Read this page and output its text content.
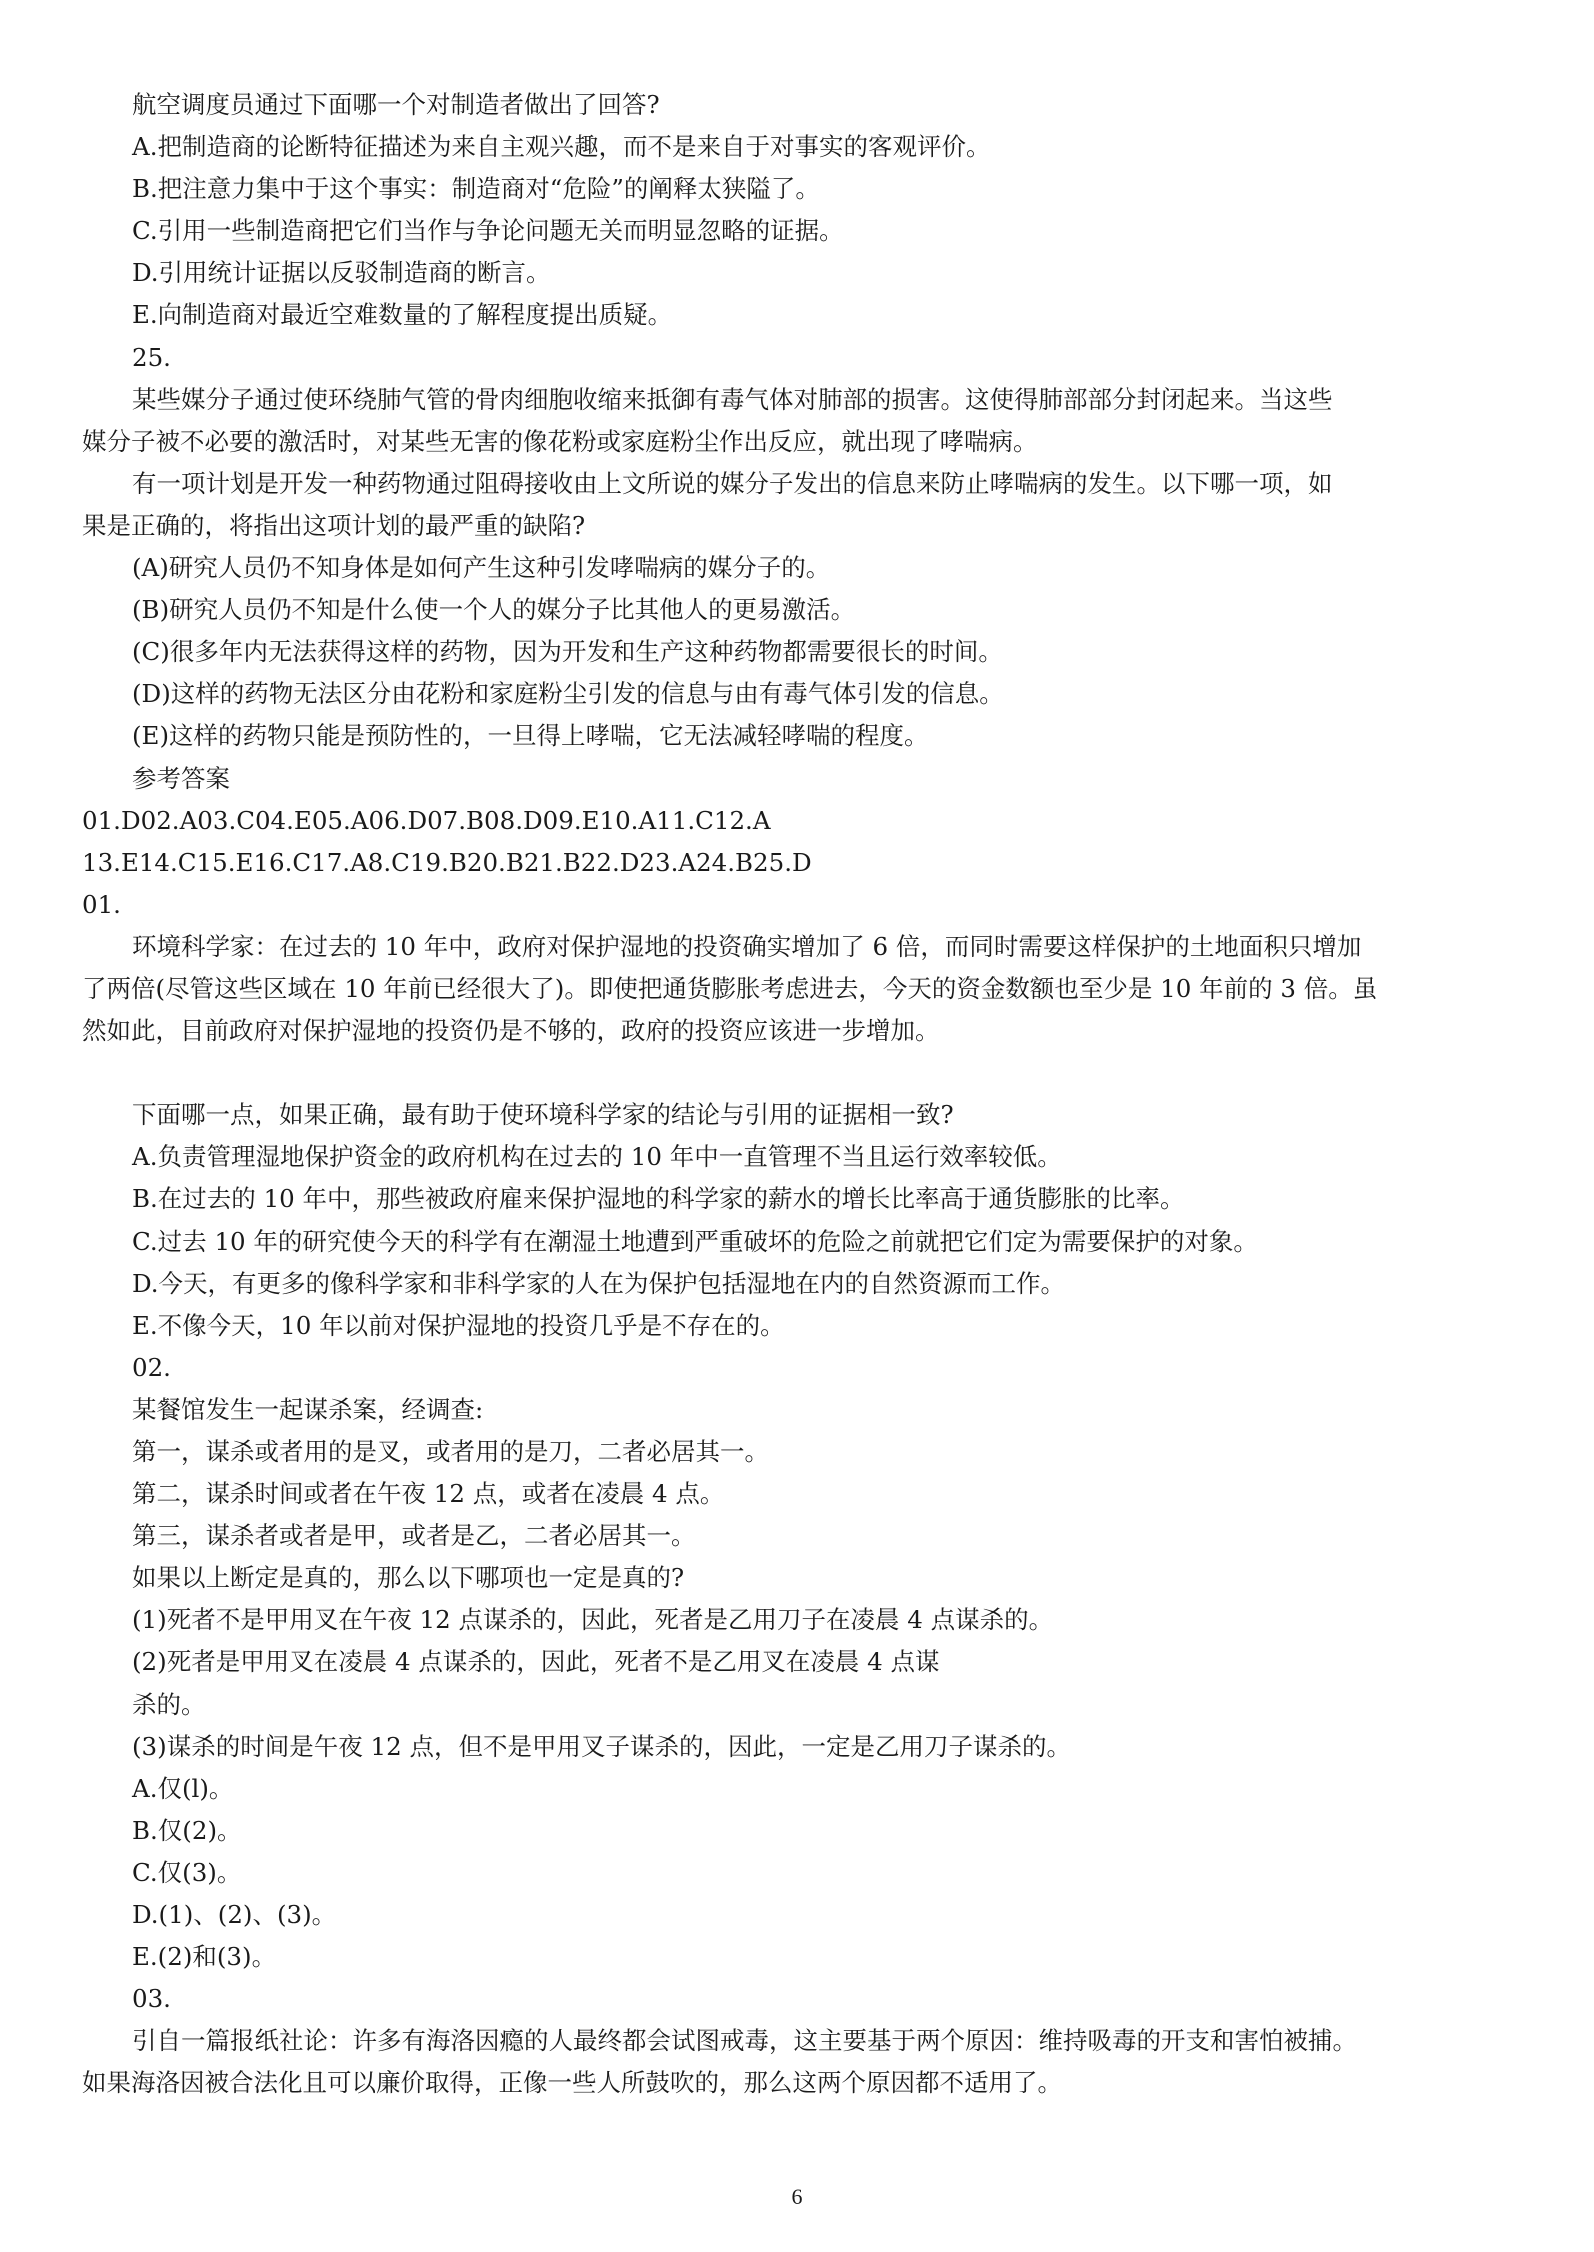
航空调度员通过下面哪一个对制造者做出了回答?
A.把制造商的论断特征描述为来自主观兴趣，而不是来自于对事实的客观评价。
B.把注意力集中于这个事实：制造商对“危险”的阐释太狭隘了。
C.引用一些制造商把它们当作与争论问题无关而明显忽略的证据。
D.引用统计证据以反驳制造商的断言。
E.向制造商对最近空难数量的了解程度提出质疑。
25.
某些媒分子通过使环绕肺气管的骨肉细胞收缩来抵御有毒气体对肺部的损害。这使得肺部部分封闭起来。当这些
媒分子被不必要的激活时，对某些无害的像花粉或家庭粉尘作出反应，就出现了哮喘病。
有一项计划是开发一种药物通过阻碍接收由上文所说的媒分子发出的信息来防止哮喘病的发生。以下哪一项，如
果是正确的，将指出这项计划的最严重的缺陷?
(A)研究人员仍不知身体是如何产生这种引发哮喘病的媒分子的。
(B)研究人员仍不知是什么使一个人的媒分子比其他人的更易激活。
(C)很多年内无法获得这样的药物，因为开发和生产这种药物都需要很长的时间。
(D)这样的药物无法区分由花粉和家庭粉尘引发的信息与由有毒气体引发的信息。
(E)这样的药物只能是预防性的，一旦得上哮喘，它无法减轻哮喘的程度。
参考答案
01.D02.A03.C04.E05.A06.D07.B08.D09.E10.A11.C12.A
13.E14.C15.E16.C17.A8.C19.B20.B21.B22.D23.A24.B25.D
01.
环境科学家：在过去的 10 年中，政府对保护湿地的投资确实增加了 6 倍，而同时需要这样保护的土地面积只增加
了两倍(尽管这些区域在 10 年前已经很大了)。即使把通货膨胀考虑进去，今天的资金数额也至少是 10 年前的 3 倍。虽
然如此，目前政府对保护湿地的投资仍是不够的，政府的投资应该进一步增加。
下面哪一点，如果正确，最有助于使环境科学家的结论与引用的证据相一致?
A.负责管理湿地保护资金的政府机构在过去的 10 年中一直管理不当且运行效率较低。
B.在过去的 10 年中，那些被政府雇来保护湿地的科学家的薪水的增长比率高于通货膨胀的比率。
C.过去 10 年的研究使今天的科学有在潮湿土地遭到严重破坏的危险之前就把它们定为需要保护的对象。
D.今天，有更多的像科学家和非科学家的人在为保护包括湿地在内的自然资源而工作。
E.不像今天，10 年以前对保护湿地的投资几乎是不存在的。
02.
某餐馆发生一起谋杀案，经调查:
第一，谋杀或者用的是叉，或者用的是刀，二者必居其一。
第二，谋杀时间或者在午夜 12 点，或者在凌晨 4 点。
第三，谋杀者或者是甲，或者是乙，二者必居其一。
如果以上断定是真的，那么以下哪项也一定是真的?
(1)死者不是甲用叉在午夜 12 点谋杀的，因此，死者是乙用刀子在凌晨 4 点谋杀的。
(2)死者是甲用叉在凌晨 4 点谋杀的，因此，死者不是乙用叉在凌晨 4 点谋
杀的。
(3)谋杀的时间是午夜 12 点，但不是甲用叉子谋杀的，因此，一定是乙用刀子谋杀的。
A.仅(l)。
B.仅(2)。
C.仅(3)。
D.(1)、(2)、(3)。
E.(2)和(3)。
03.
引自一篇报纸社论：许多有海洛因瘾的人最终都会试图戒毒，这主要基于两个原因：维持吸毒的开支和害怕被捕。
如果海洛因被合法化且可以廉价取得，正像一些人所鼓吹的，那么这两个原因都不适用了。
6
